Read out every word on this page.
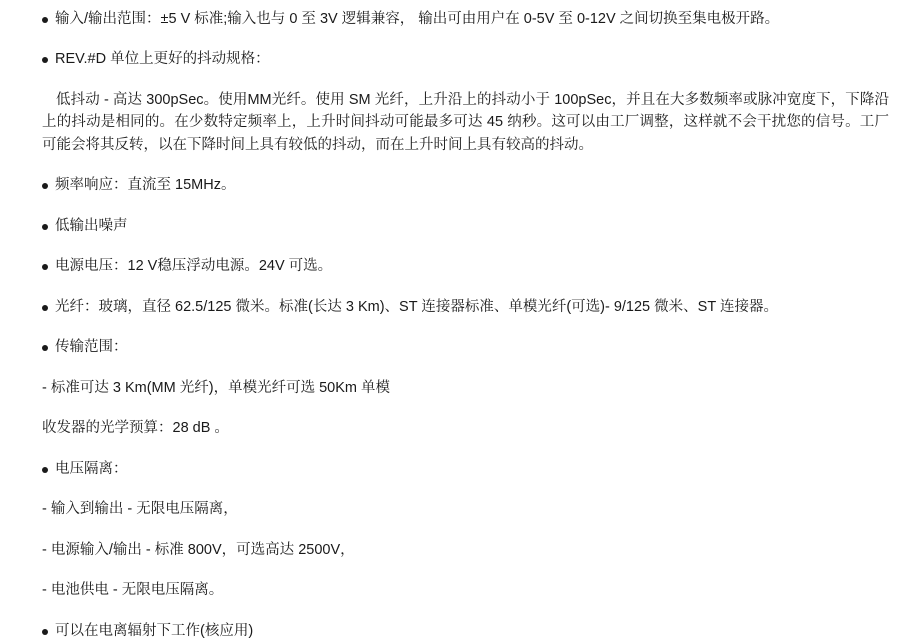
输入/输出范围：±5 V 标准;输入也与 0 至 3V 逻辑兼容， 输出可由用户在 0-5V 至 0-12V 之间切换至集电极开路。
REV.#D 单位上更好的抖动规格：
低抖动 - 高达 300pSec。使用MM光纤。使用 SM 光纤，上升沿上的抖动小于 100pSec，并且在大多数频率或脉冲宽度下，下降沿上的抖动是相同的。在少数特定频率上，上升时间抖动可能最多可达 45 纳秒。这可以由工厂调整，这样就不会干扰您的信号。工厂可能会将其反转，以在下降时间上具有较低的抖动，而在上升时间上具有较高的抖动。
频率响应：直流至 15MHz。
低输出噪声
电源电压：12 V稳压浮动电源。24V 可选。
光纤：玻璃，直径 62.5/125 微米。标准(长达 3 Km)、ST 连接器标准、单模光纤(可选)- 9/125 微米、ST 连接器。
传输范围：
- 标准可达 3 Km(MM 光纤)，单模光纤可选 50Km 单模
收发器的光学预算：28 dB 。
电压隔离：
- 输入到输出 - 无限电压隔离，
- 电源输入/输出 - 标准 800V，可选高达 2500V，
- 电池供电 - 无限电压隔离。
可以在电离辐射下工作(核应用)
